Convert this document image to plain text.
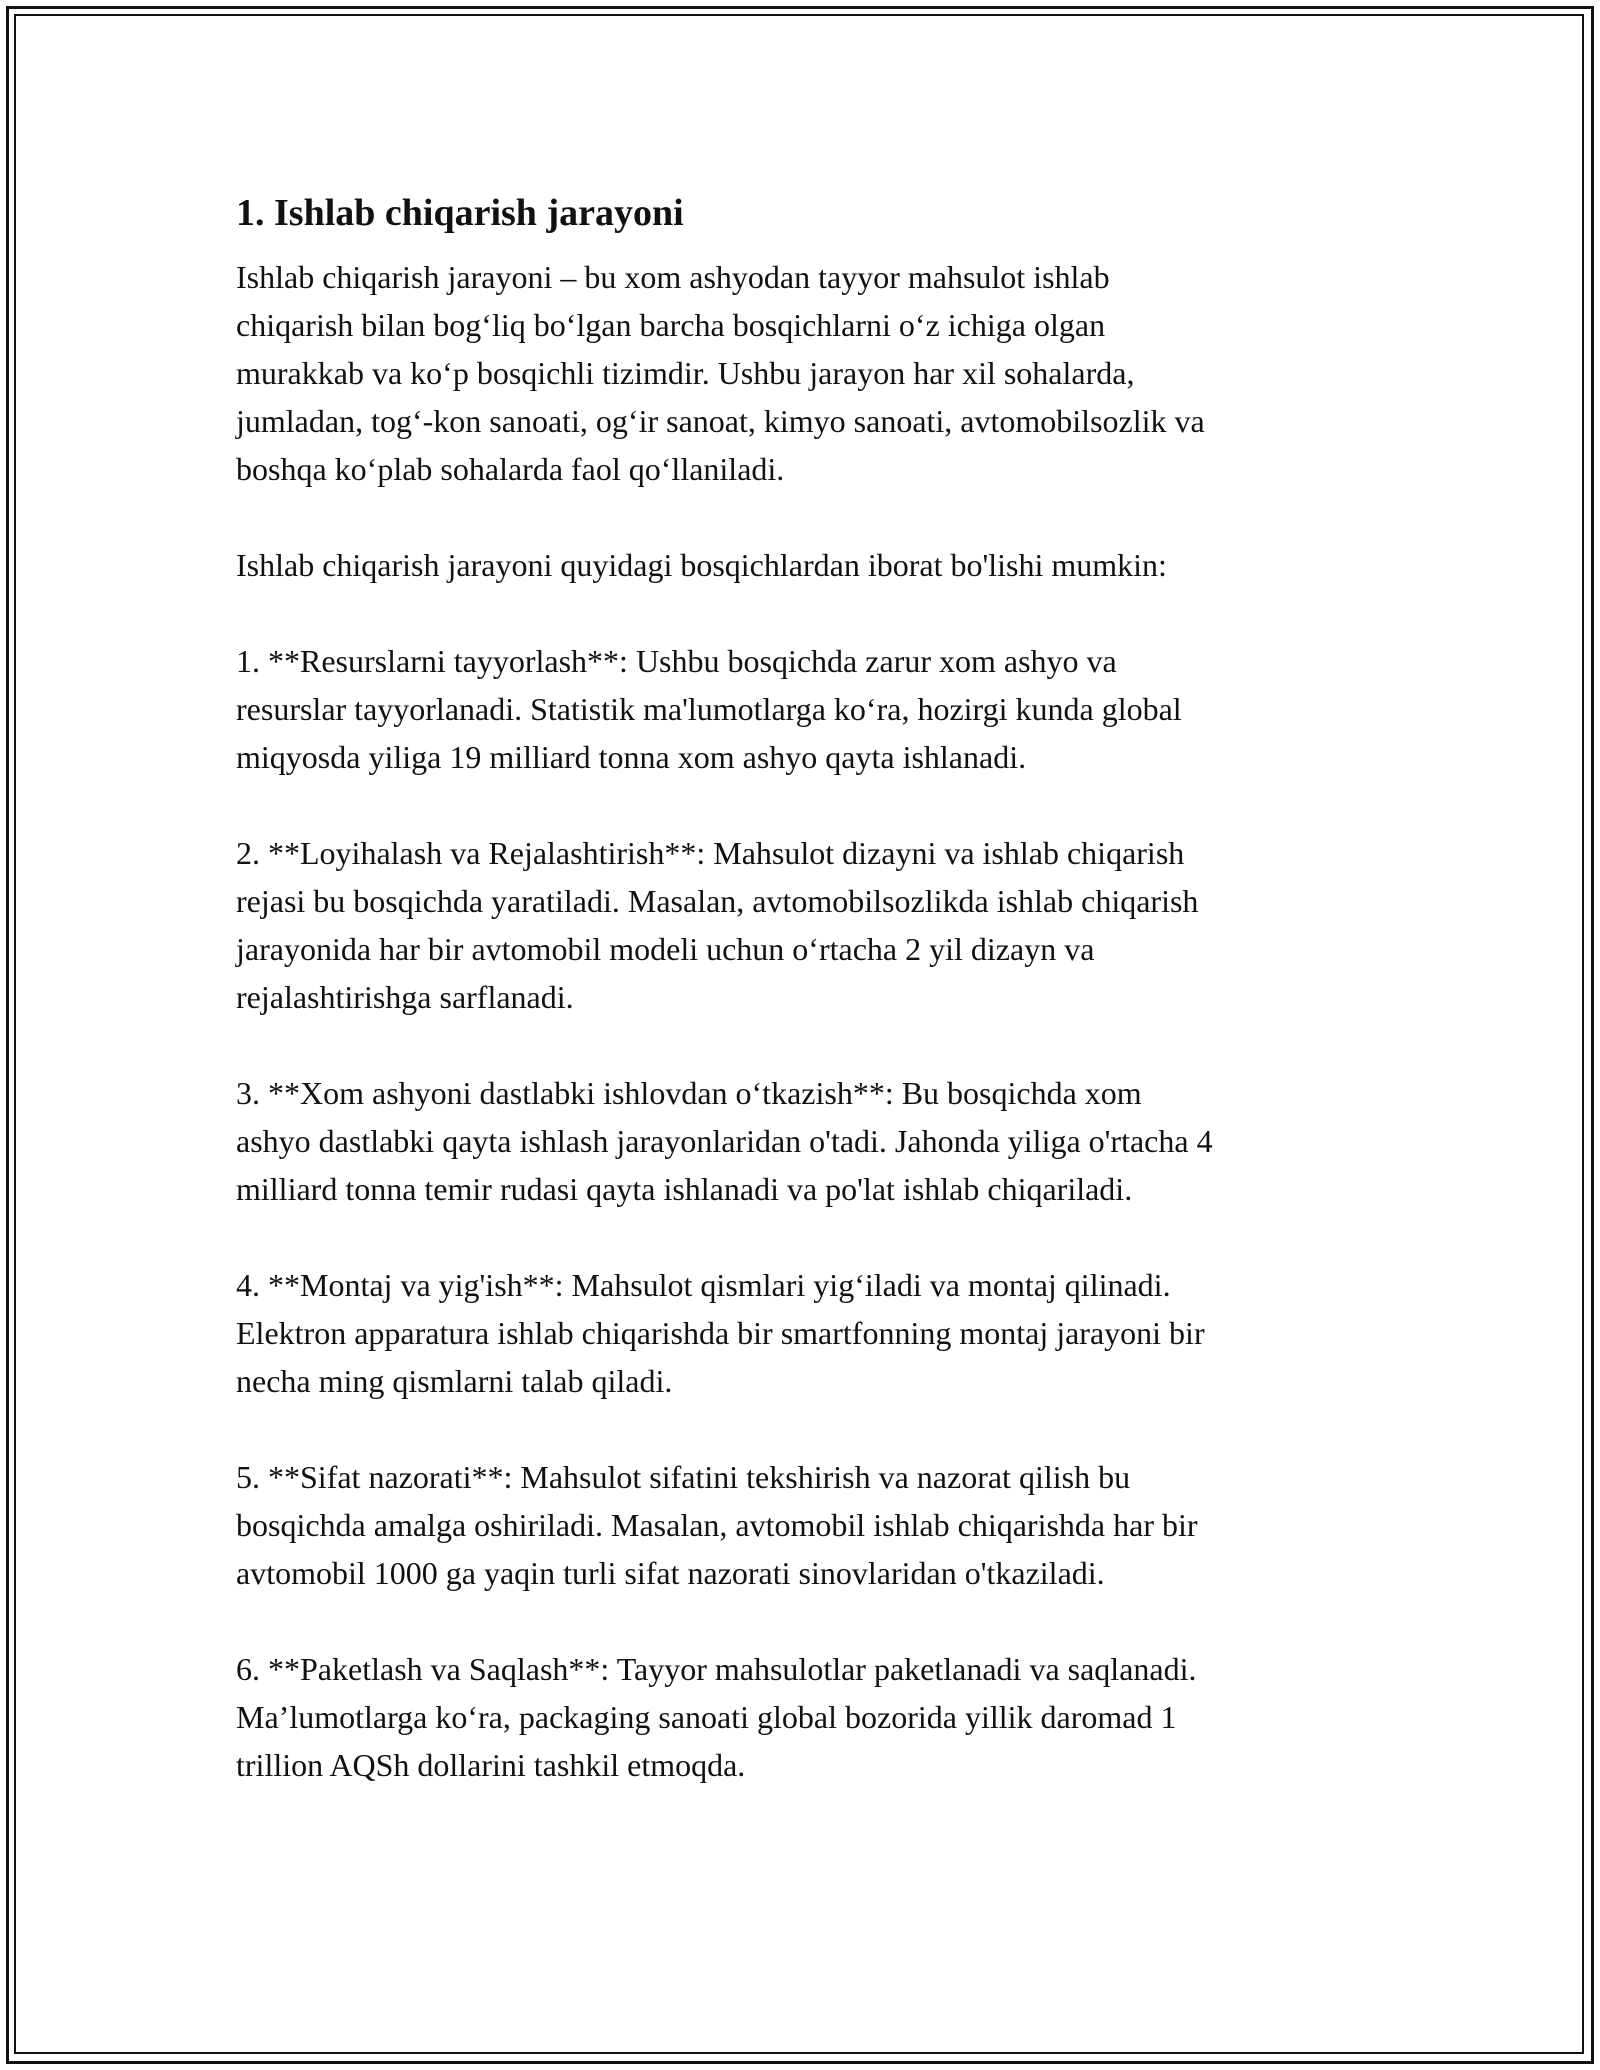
1. Ishlab chiqarish jarayoni

Ishlab chiqarish jarayoni – bu xom ashyodan tayyor mahsulot ishlab
chiqarish bilan bog‘liq bo‘lgan barcha bosqichlarni o‘z ichiga olgan
murakkab va ko‘p bosqichli tizimdir. Ushbu jarayon har xil sohalarda,
jumladan, tog‘-kon sanoati, og‘ir sanoat, kimyo sanoati, avtomobilsozlik va
boshqa ko‘plab sohalarda faol qo‘llaniladi.

Ishlab chiqarish jarayoni quyidagi bosqichlardan iborat bo'lishi mumkin:

1. **Resurslarni tayyorlash**: Ushbu bosqichda zarur xom ashyo va
resurslar tayyorlanadi. Statistik ma'lumotlarga ko‘ra, hozirgi kunda global
miqyosda yiliga 19 milliard tonna xom ashyo qayta ishlanadi.

2. **Loyihalash va Rejalashtirish**: Mahsulot dizayni va ishlab chiqarish
rejasi bu bosqichda yaratiladi. Masalan, avtomobilsozlikda ishlab chiqarish
jarayonida har bir avtomobil modeli uchun o‘rtacha 2 yil dizayn va
rejalashtirishga sarflanadi.

3. **Xom ashyoni dastlabki ishlovdan o‘tkazish**: Bu bosqichda xom
ashyo dastlabki qayta ishlash jarayonlaridan o'tadi. Jahonda yiliga o'rtacha 4
milliard tonna temir rudasi qayta ishlanadi va po'lat ishlab chiqariladi.

4. **Montaj va yig'ish**: Mahsulot qismlari yig‘iladi va montaj qilinadi.
Elektron apparatura ishlab chiqarishda bir smartfonning montaj jarayoni bir
necha ming qismlarni talab qiladi.

5. **Sifat nazorati**: Mahsulot sifatini tekshirish va nazorat qilish bu
bosqichda amalga oshiriladi. Masalan, avtomobil ishlab chiqarishda har bir
avtomobil 1000 ga yaqin turli sifat nazorati sinovlaridan o'tkaziladi.

6. **Paketlash va Saqlash**: Tayyor mahsulotlar paketlanadi va saqlanadi.
Ma’lumotlarga ko‘ra, packaging sanoati global bozorida yillik daromad 1
trillion AQSh dollarini tashkil etmoqda.
